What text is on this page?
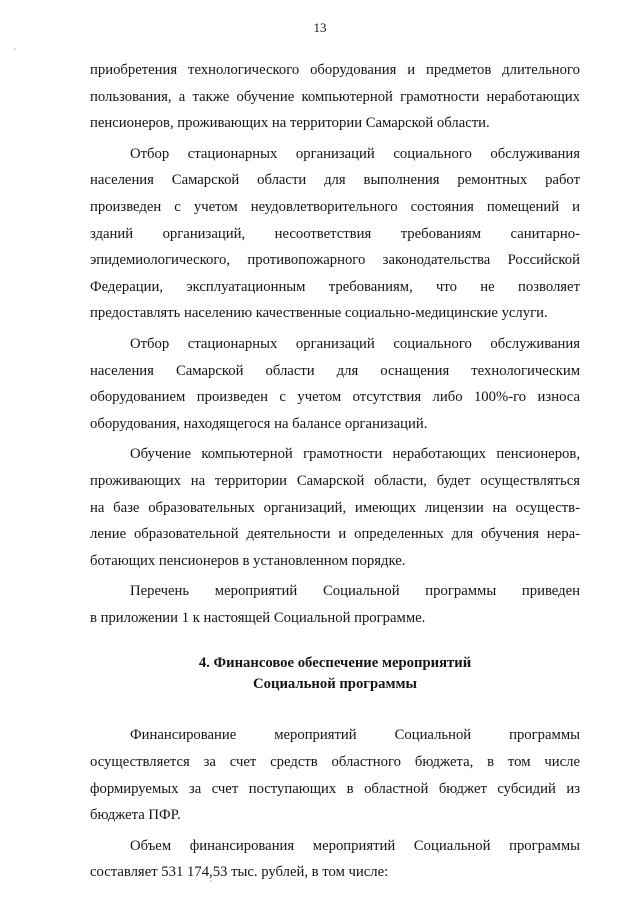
13

приобретения технологического оборудования и предметов длительного
пользования, а также обучение компьютерной грамотности неработающих
пенсионеров, проживающих на территории Самарской области.

Отбор стационарных организаций социального обслуживания
населения Самарской области для выполнения ремонтных работ
произведен с учетом неудовлетворительного состояния помещений и
зданий организаций, несоответствия требованиям санитарно-
эпидемиологического, противопожарного законодательства Российской
Федерации, эксплуатационным требованиям, что не позволяет
предоставлять населению качественные социально-медицинские услуги.

Отбор стационарных организаций социального обслуживания
населения Самарской области для оснащения технологическим
оборудованием произведен с учетом отсутствия либо 100%-го износа
оборудования, находящегося на балансе организаций.

Обучение компьютерной грамотности неработающих пенсионеров,
проживающих на территории Самарской области, будет осуществляться
на базе образовательных организаций, имеющих лицензии на осуществ-
ление образовательной деятельности и определенных для обучения нера-
ботающих пенсионеров в установленном порядке.

Перечень мероприятий Социальной программы приведен
в приложении 1 к настоящей Социальной программе.

4. Финансовое обеспечение мероприятий
Социальной программы

Финансирование мероприятий Социальной программы
осуществляется за счет средств областного бюджета, в том числе
формируемых за счет поступающих в областной бюджет субсидий из
бюджета ПФР.

Объем финансирования мероприятий Социальной программы
составляет 531 174,53 тыс. рублей, в том числе:
